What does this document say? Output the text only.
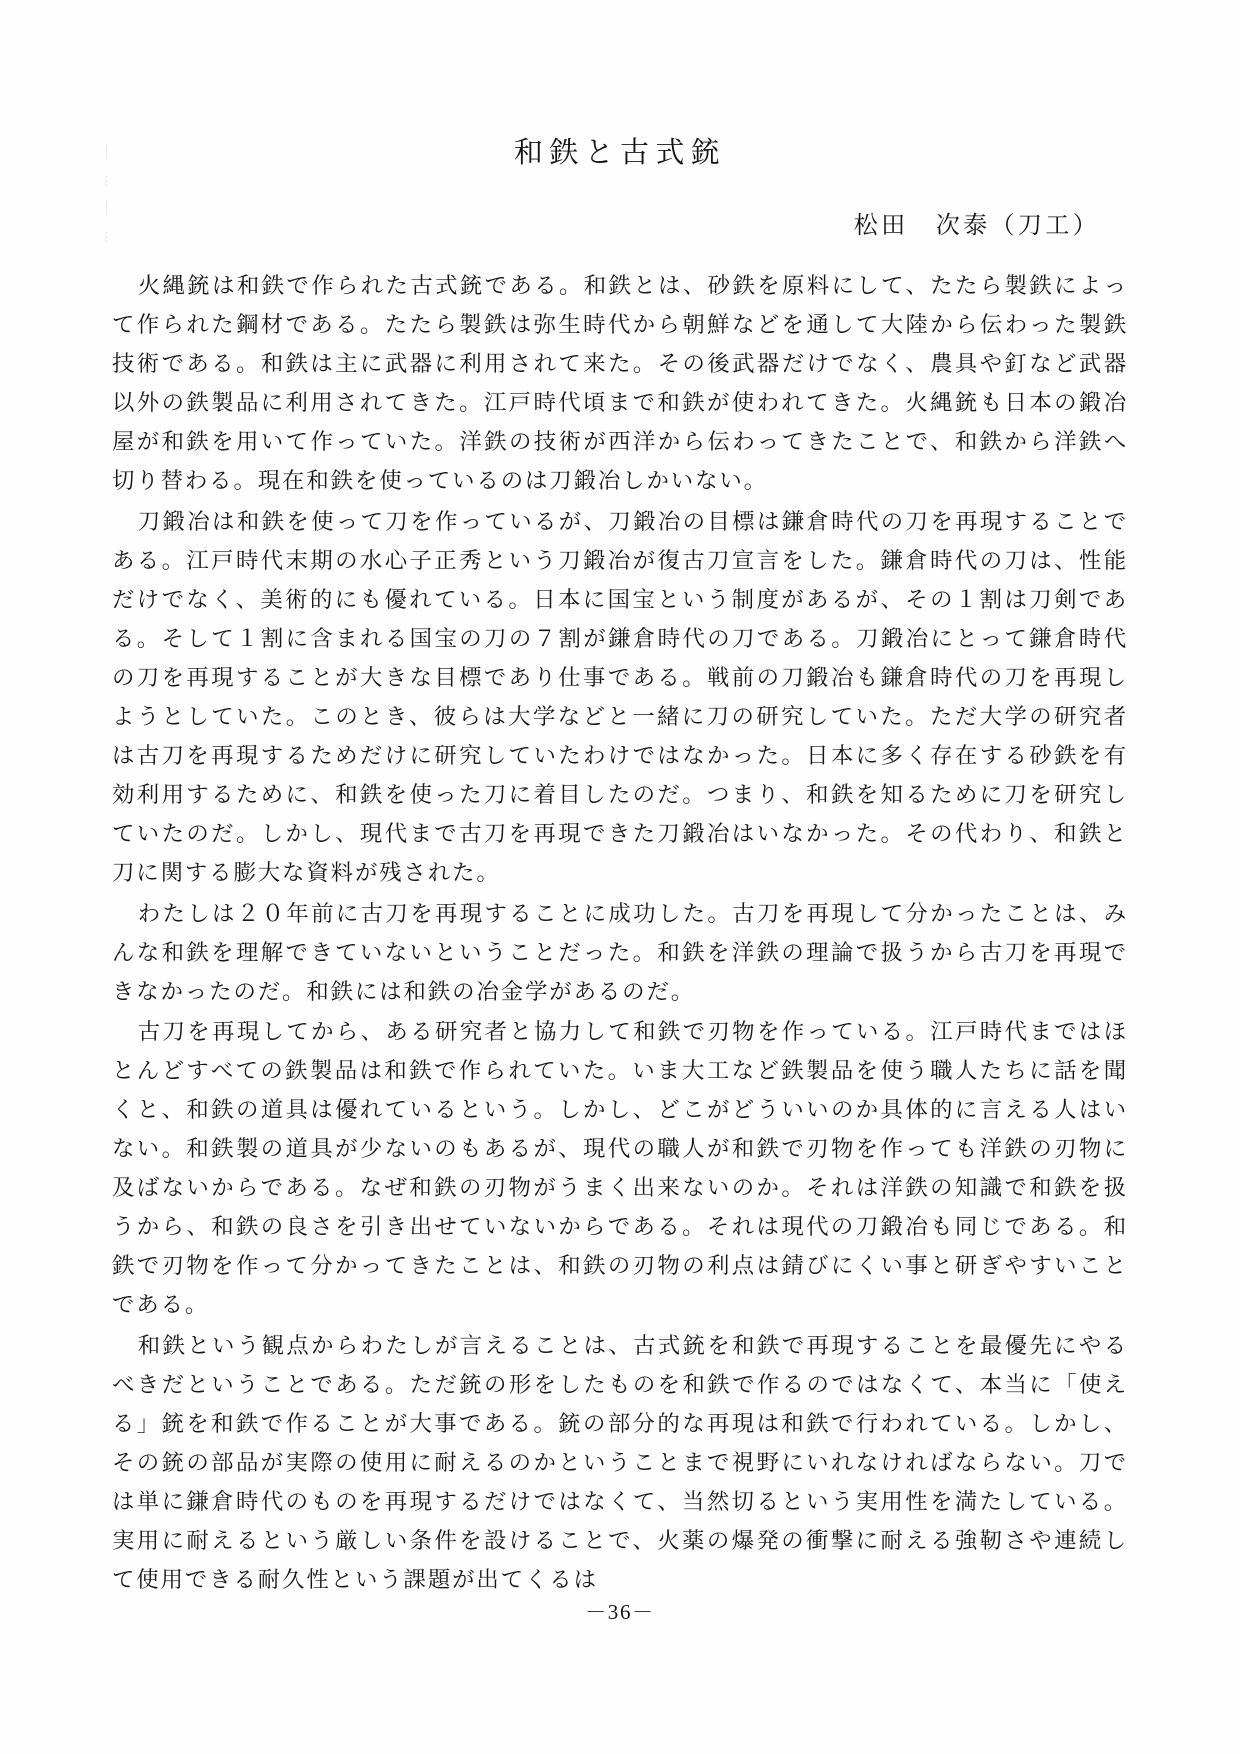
｜
︙
｜
︙
和鉄と古式銃
松田　次泰（刀工）

火縄銃は和鉄で作られた古式銃である。和鉄とは、砂鉄を原料にして、たたら製鉄によって作られた鋼材である。たたら製鉄は弥生時代から朝鮮などを通して大陸から伝わった製鉄技術である。和鉄は主に武器に利用されて来た。その後武器だけでなく、農具や釘など武器以外の鉄製品に利用されてきた。江戸時代頃まで和鉄が使われてきた。火縄銃も日本の鍛冶屋が和鉄を用いて作っていた。洋鉄の技術が西洋から伝わってきたことで、和鉄から洋鉄へ切り替わる。現在和鉄を使っているのは刀鍛冶しかいない。

刀鍛冶は和鉄を使って刀を作っているが、刀鍛冶の目標は鎌倉時代の刀を再現することである。江戸時代末期の水心子正秀という刀鍛冶が復古刀宣言をした。鎌倉時代の刀は、性能だけでなく、美術的にも優れている。日本に国宝という制度があるが、その１割は刀剣である。そして１割に含まれる国宝の刀の７割が鎌倉時代の刀である。刀鍛冶にとって鎌倉時代の刀を再現することが大きな目標であり仕事である。戦前の刀鍛冶も鎌倉時代の刀を再現しようとしていた。このとき、彼らは大学などと一緒に刀の研究していた。ただ大学の研究者は古刀を再現するためだけに研究していたわけではなかった。日本に多く存在する砂鉄を有効利用するために、和鉄を使った刀に着目したのだ。つまり、和鉄を知るために刀を研究していたのだ。しかし、現代まで古刀を再現できた刀鍛冶はいなかった。その代わり、和鉄と刀に関する膨大な資料が残された。

わたしは２０年前に古刀を再現することに成功した。古刀を再現して分かったことは、みんな和鉄を理解できていないということだった。和鉄を洋鉄の理論で扱うから古刀を再現できなかったのだ。和鉄には和鉄の冶金学があるのだ。

古刀を再現してから、ある研究者と協力して和鉄で刃物を作っている。江戸時代まではほとんどすべての鉄製品は和鉄で作られていた。いま大工など鉄製品を使う職人たちに話を聞くと、和鉄の道具は優れているという。しかし、どこがどういいのか具体的に言える人はいない。和鉄製の道具が少ないのもあるが、現代の職人が和鉄で刃物を作っても洋鉄の刃物に及ばないからである。なぜ和鉄の刃物がうまく出来ないのか。それは洋鉄の知識で和鉄を扱うから、和鉄の良さを引き出せていないからである。それは現代の刀鍛冶も同じである。和鉄で刃物を作って分かってきたことは、和鉄の刃物の利点は錆びにくい事と研ぎやすいことである。

和鉄という観点からわたしが言えることは、古式銃を和鉄で再現することを最優先にやるべきだということである。ただ銃の形をしたものを和鉄で作るのではなくて、本当に「使える」銃を和鉄で作ることが大事である。銃の部分的な再現は和鉄で行われている。しかし、その銃の部品が実際の使用に耐えるのかということまで視野にいれなければならない。刀では単に鎌倉時代のものを再現するだけではなくて、当然切るという実用性を満たしている。実用に耐えるという厳しい条件を設けることで、火薬の爆発の衝撃に耐える強靭さや連続して使用できる耐久性という課題が出てくるは

－36－
